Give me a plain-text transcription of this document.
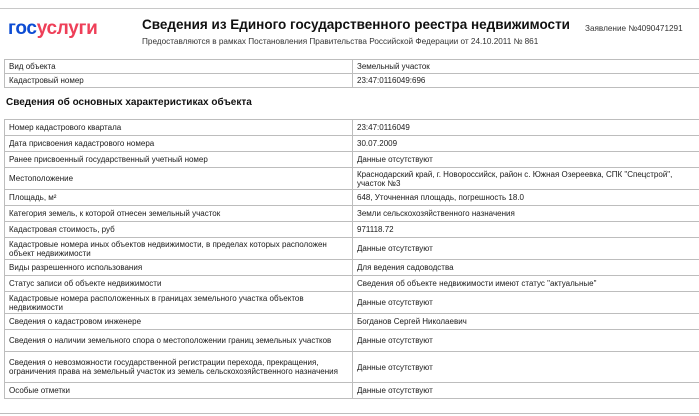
госуслуги	Сведения из Единого государственного реестра недвижимости
Предоставляются в рамках Постановления Правительства Российской Федерации от 24.10.2011 № 861
Заявление №4090471291
Вид объекта	Земельный участок
Кадастровый номер	23:47:0116049:696
Сведения об основных характеристиках объекта
Номер кадастрового квартала	23:47:0116049
Дата присвоения кадастрового номера	30.07.2009
Ранее присвоенный государственный учетный номер	Данные отсутствуют
Местоположение	Краснодарский край, г. Новороссийск, район с. Южная Озереевка, СПК "Спецстрой", участок №3
Площадь, м²	648, Уточненная площадь, погрешность 18.0
Категория земель, к которой отнесен земельный участок	Земли сельскохозяйственного назначения
Кадастровая стоимость, руб	971118.72
Кадастровые номера иных объектов недвижимости, в пределах которых расположен объект недвижимости	Данные отсутствуют
Виды разрешенного использования	Для ведения садоводства
Статус записи об объекте недвижимости	Сведения об объекте недвижимости имеют статус "актуальные"
Кадастровые номера расположенных в границах земельного участка объектов недвижимости	Данные отсутствуют
Сведения о кадастровом инженере	Богданов Сергей Николаевич
Сведения о наличии земельного спора о местоположении границ земельных участков	Данные отсутствуют
Сведения о невозможности государственной регистрации перехода, прекращения, ограничения права на земельный участок из земель сельскохозяйственного назначения	Данные отсутствуют
Особые отметки	Данные отсутствуют
